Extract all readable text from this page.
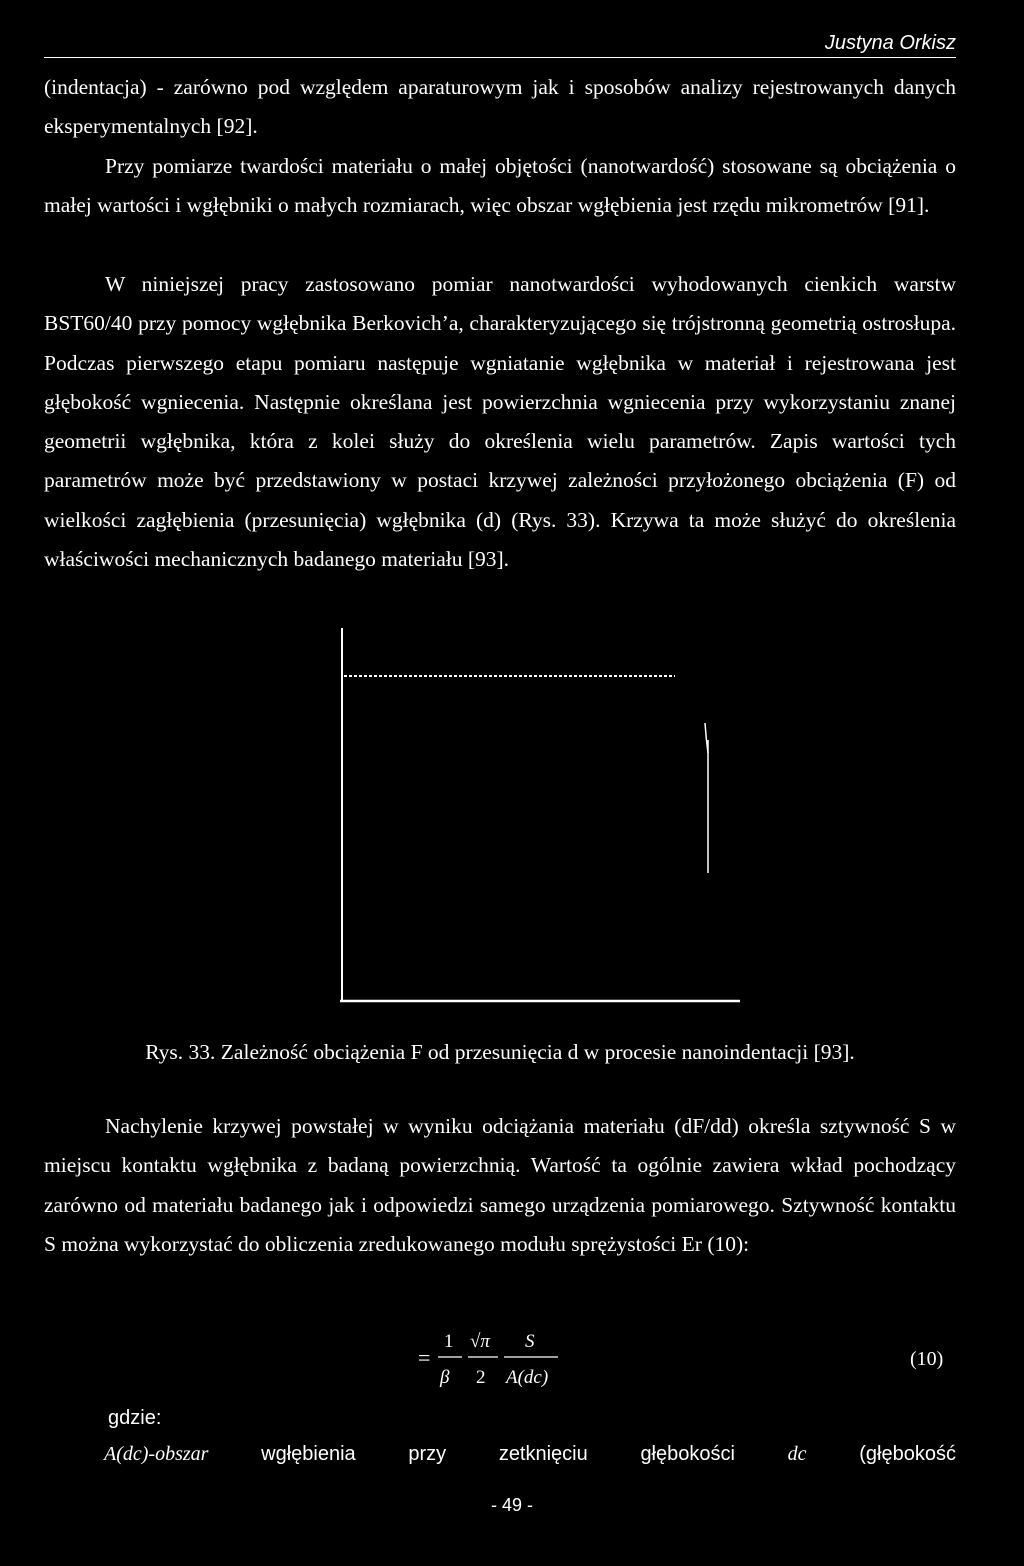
Justyna Orkisz

(indentacja) - zarówno pod względem aparaturowym jak i sposobów analizy rejestrowanych danych eksperymentalnych [92].

Przy pomiarze twardości materiału o małej objętości (nanotwardość) stosowane są obciążenia o małej wartości i wgłębniki o małych rozmiarach, więc obszar wgłębienia jest rzędu mikrometrów [91].

W niniejszej pracy zastosowano pomiar nanotwardości wyhodowanych cienkich warstw BST60/40 przy pomocy wgłębnika Berkovich’a, charakteryzującego się trójstronną geometrią ostrosłupa. Podczas pierwszego etapu pomiaru następuje wgniatanie wgłębnika w materiał i rejestrowana jest głębokość wgniecenia. Następnie określana jest powierzchnia wgniecenia przy wykorzystaniu znanej geometrii wgłębnika, która z kolei służy do określenia wielu parametrów. Zapis wartości tych parametrów może być przedstawiony w postaci krzywej zależności przyłożonego obciążenia (F) od wielkości zagłębienia (przesunięcia) wgłębnika (d) (Rys. 33). Krzywa ta może służyć do określenia właściwości mechanicznych badanego materiału [93].

Rys. 33. Zależność obciążenia F od przesunięcia d w procesie nanoindentacji [93].

Nachylenie krzywej powstałej w wyniku odciążania materiału (dF/dd) określa sztywność S w miejscu kontaktu wgłębnika z badaną powierzchnią. Wartość ta ogólnie zawiera wkład pochodzący zarówno od materiału badanego jak i odpowiedzi samego urządzenia pomiarowego. Sztywność kontaktu S można wykorzystać do obliczenia zredukowanego modułu sprężystości Er (10):

=
1
β
√π
2
S
A(dc)
(10)
gdzie:
A(dc)-obszar	wgłębienia	przy	zetknięciu	głębokości	dc	(głębokość
- 49 -
